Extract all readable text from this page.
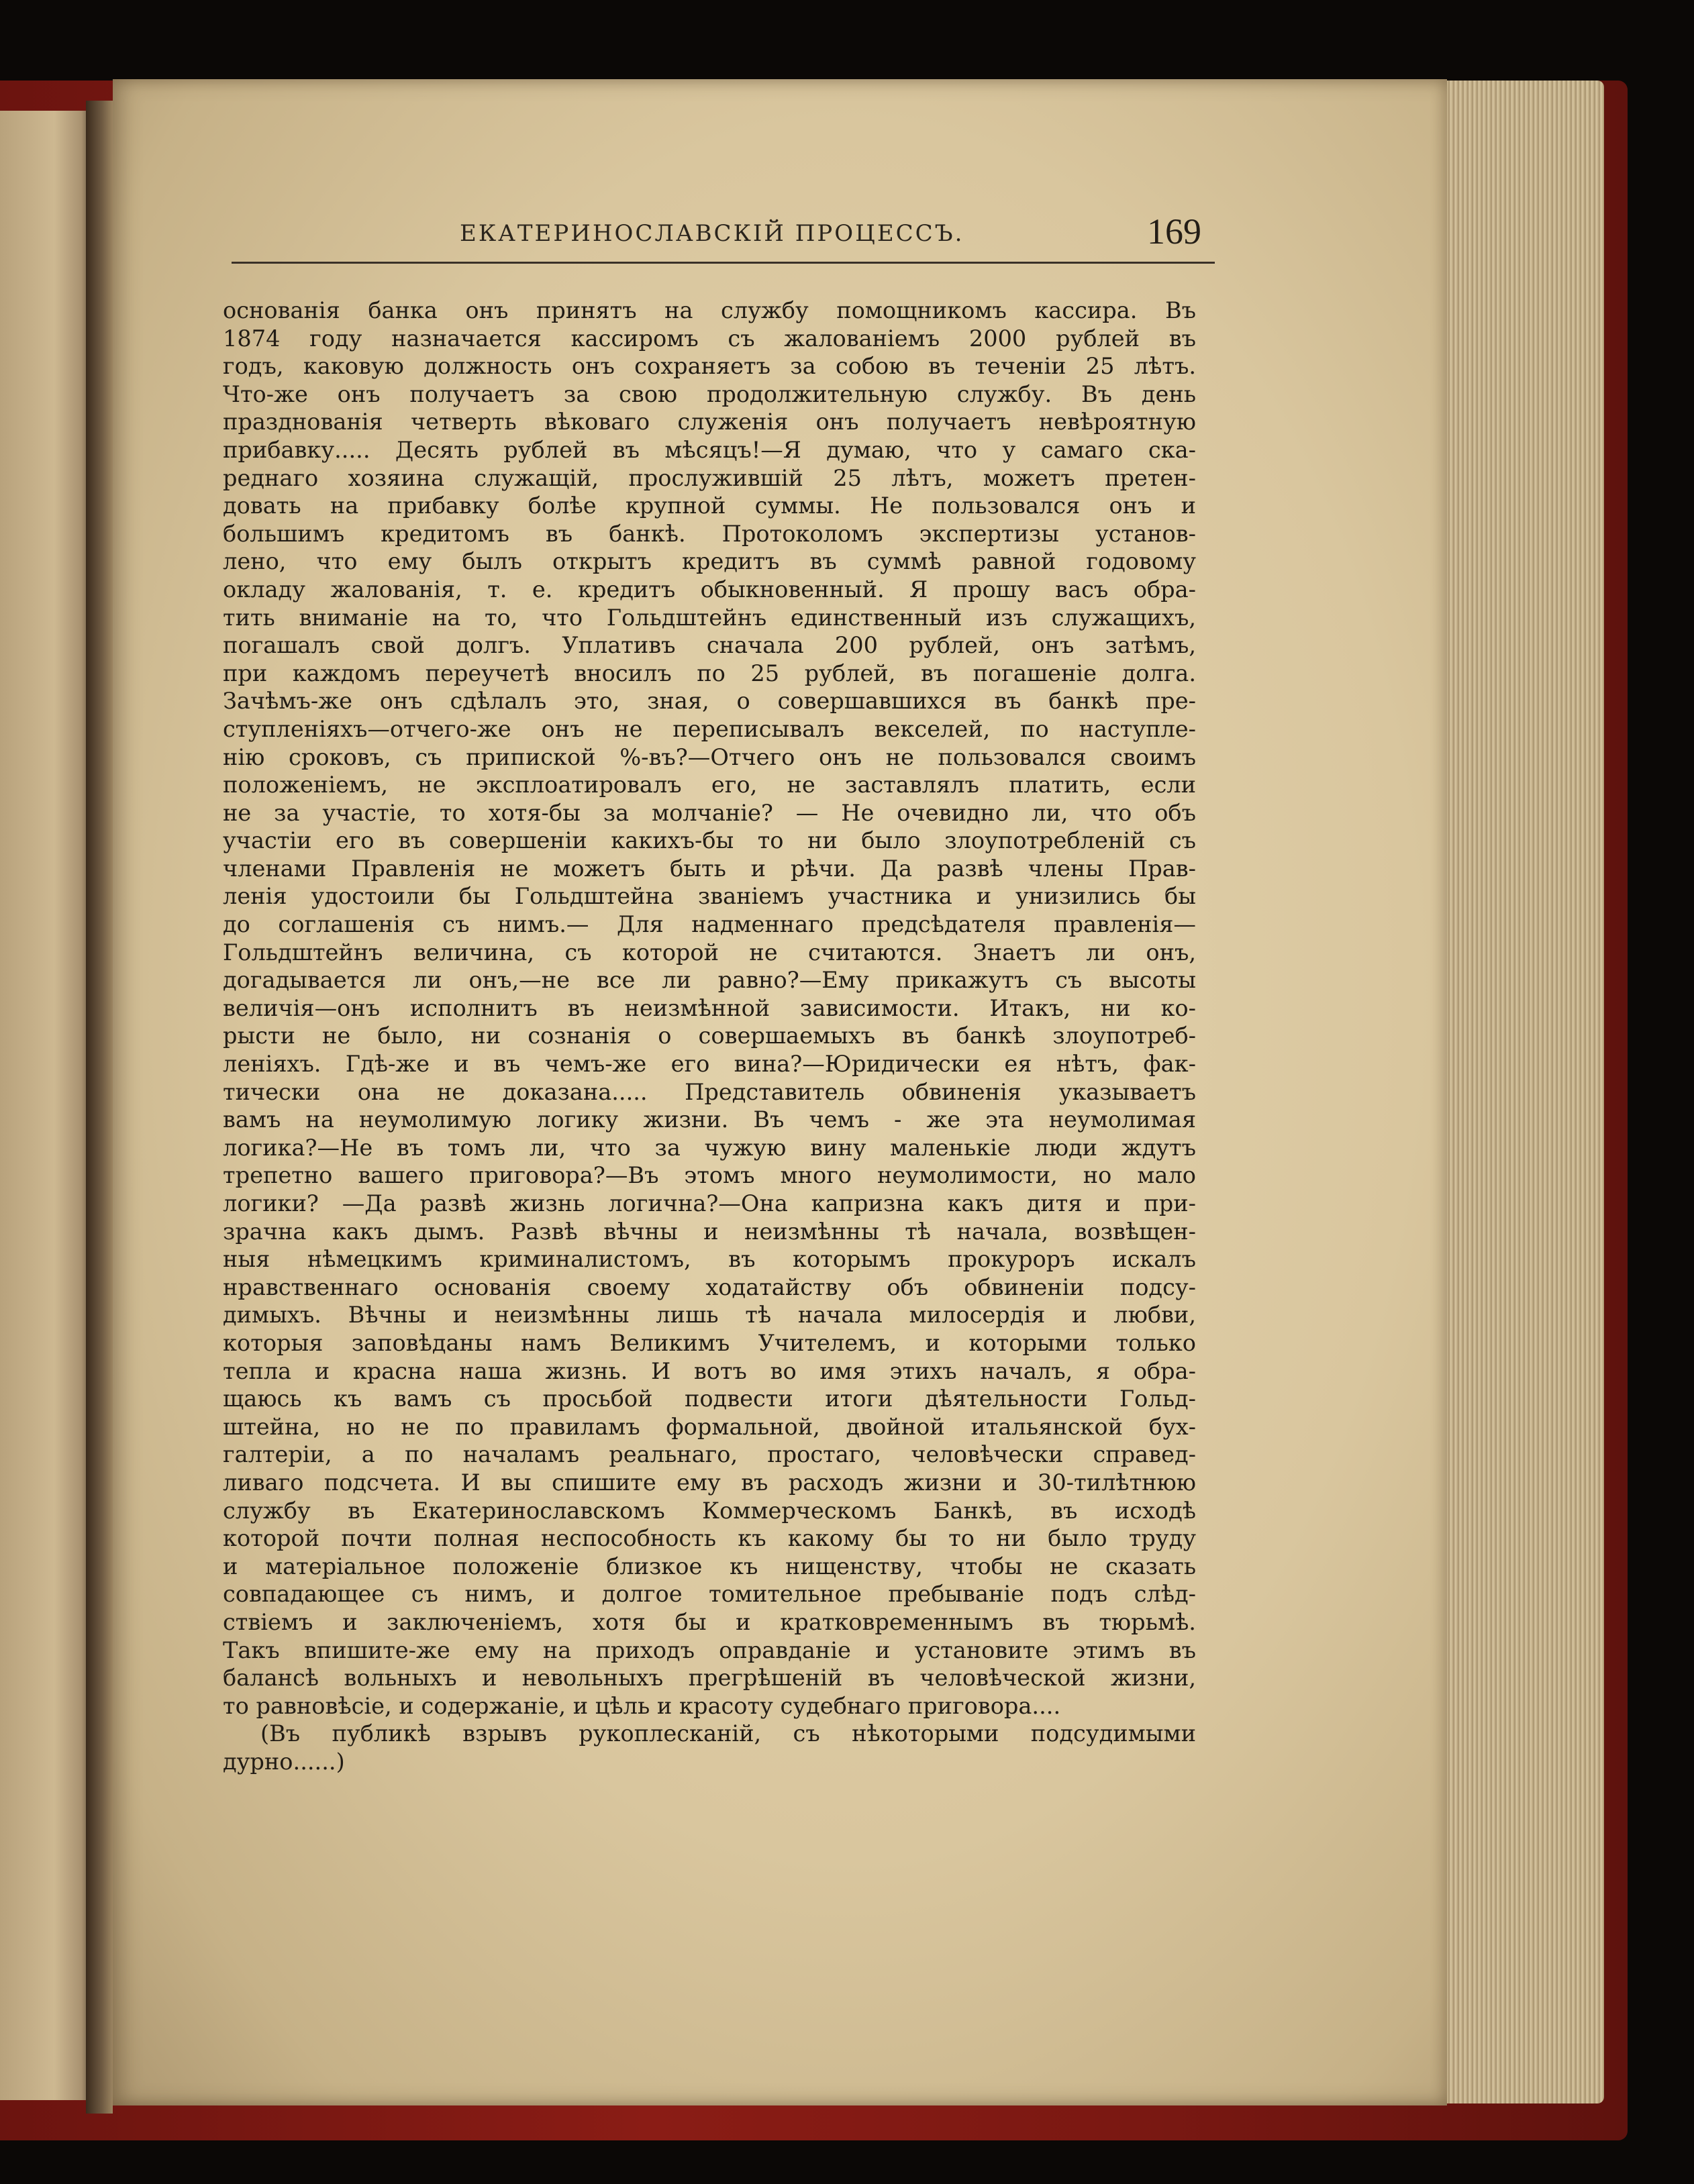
ЕКАТЕРИНОСЛАВСКІЙ ПРОЦЕССЪ.	169
основанія банка онъ принятъ на службу помощникомъ кассира. Въ
1874 году назначается кассиромъ съ жалованіемъ 2000 рублей въ
годъ, каковую должность онъ сохраняетъ за собою въ теченіи 25 лѣтъ.
Что-же онъ получаетъ за свою продолжительную службу. Въ день
празднованія четверть вѣковаго служенія онъ получаетъ невѣроятную
прибавку..... Десять рублей въ мѣсяцъ!—Я думаю, что у самаго ска-
реднаго хозяина служащій, прослужившій 25 лѣтъ, можетъ претен-
довать на прибавку болѣе крупной суммы. Не пользовался онъ и
большимъ кредитомъ въ банкѣ. Протоколомъ экспертизы установ-
лено, что ему былъ открытъ кредитъ въ суммѣ равной годовому
окладу жалованія, т. е. кредитъ обыкновенный. Я прошу васъ обра-
тить вниманіе на то, что Гольдштейнъ единственный изъ служащихъ,
погашалъ свой долгъ. Уплативъ сначала 200 рублей, онъ затѣмъ,
при каждомъ переучетѣ вносилъ по 25 рублей, въ погашеніе долга.
Зачѣмъ-же онъ сдѣлалъ это, зная, о совершавшихся въ банкѣ пре-
ступленіяхъ—отчего-же онъ не переписывалъ векселей, по наступле-
нію сроковъ, съ припиской %-въ?—Отчего онъ не пользовался своимъ
положеніемъ, не эксплоатировалъ его, не заставлялъ платить, если
не за участіе, то хотя-бы за молчаніе? — Не очевидно ли, что объ
участіи его въ совершеніи какихъ-бы то ни было злоупотребленій съ
членами Правленія не можетъ быть и рѣчи. Да развѣ члены Прав-
ленія удостоили бы Гольдштейна званіемъ участника и унизились бы
до соглашенія съ нимъ.— Для надменнаго предсѣдателя правленія—
Гольдштейнъ величина, съ которой не считаются. Знаетъ ли онъ,
догадывается ли онъ,—не все ли равно?—Ему прикажутъ съ высоты
величія—онъ исполнитъ въ неизмѣнной зависимости. Итакъ, ни ко-
рысти не было, ни сознанія о совершаемыхъ въ банкѣ злоупотреб-
леніяхъ. Гдѣ-же и въ чемъ-же его вина?—Юридически ея нѣтъ, фак-
тически она не доказана..... Представитель обвиненія указываетъ
вамъ на неумолимую логику жизни. Въ чемъ - же эта неумолимая
логика?—Не въ томъ ли, что за чужую вину маленькіе люди ждутъ
трепетно вашего приговора?—Въ этомъ много неумолимости, но мало
логики? —Да развѣ жизнь логична?—Она капризна какъ дитя и при-
зрачна какъ дымъ. Развѣ вѣчны и неизмѣнны тѣ начала, возвѣщен-
ныя нѣмецкимъ криминалистомъ, въ которымъ прокуроръ искалъ
нравственнаго основанія своему ходатайству объ обвиненіи подсу-
димыхъ. Вѣчны и неизмѣнны лишь тѣ начала милосердія и любви,
которыя заповѣданы намъ Великимъ Учителемъ, и которыми только
тепла и красна наша жизнь. И вотъ во имя этихъ началъ, я обра-
щаюсь къ вамъ съ просьбой подвести итоги дѣятельности Гольд-
штейна, но не по правиламъ формальной, двойной итальянской бух-
галтеріи, а по началамъ реальнаго, простаго, человѣчески справед-
ливаго подсчета. И вы спишите ему въ расходъ жизни и 30-тилѣтнюю
службу въ Екатеринославскомъ Коммерческомъ Банкѣ, въ исходѣ
которой почти полная неспособность къ какому бы то ни было труду
и матеріальное положеніе близкое къ нищенству, чтобы не сказать
совпадающее съ нимъ, и долгое томительное пребываніе подъ слѣд-
ствіемъ и заключеніемъ, хотя бы и кратковременнымъ въ тюрьмѣ.
Такъ впишите-же ему на приходъ оправданіе и установите этимъ въ
балансѣ вольныхъ и невольныхъ прегрѣшеній въ человѣческой жизни,
то равновѣсіе, и содержаніе, и цѣль и красоту судебнаго приговора....
(Въ публикѣ взрывъ рукоплесканій, съ нѣкоторыми подсудимыми
дурно......)
